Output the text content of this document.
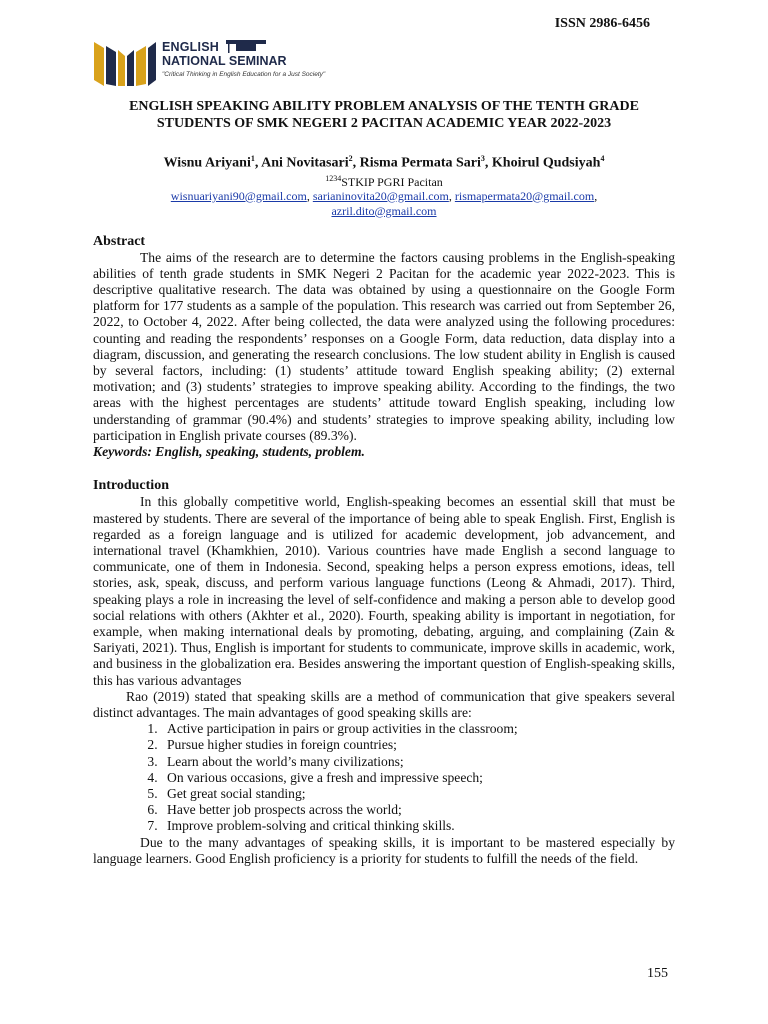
ISSN 2986-6456
ENGLISH
NATIONAL SEMINAR
"Critical Thinking in English Education for a Just Society"

ENGLISH SPEAKING ABILITY PROBLEM ANALYSIS OF THE TENTH GRADE
STUDENTS OF SMK NEGERI 2 PACITAN ACADEMIC YEAR 2022-2023

Wisnu Ariyani$^1$, Ani Novitasari$^2$, Risma Permata Sari$^3$, Khoirul Qudsiyah$^4$
$^{1234}$STKIP PGRI Pacitan
wisnuariyani90@gmail.com, sarianinovita20@gmail.com, rismapermata20@gmail.com,
azril.dito@gmail.com
Abstract

The aims of the research are to determine the factors causing problems in the English-speaking abilities of tenth grade students in SMK Negeri 2 Pacitan for the academic year 2022-2023. This is descriptive qualitative research. The data was obtained by using a questionnaire on the Google Form platform for 177 students as a sample of the population. This research was carried out from September 26, 2022, to October 4, 2022. After being collected, the data were analyzed using the following procedures: counting and reading the respondents’ responses on a Google Form, data reduction, data display into a diagram, discussion, and generating the research conclusions. The low student ability in English is caused by several factors, including: (1) students’ attitude toward English speaking ability; (2) external motivation; and (3) students’ strategies to improve speaking ability. According to the findings, the two areas with the highest percentages are students’ attitude toward English speaking, including low understanding of grammar (90.4%) and students’ strategies to improve speaking ability, including low participation in English private courses (89.3%).

Keywords: English, speaking, students, problem.

Introduction

In this globally competitive world, English-speaking becomes an essential skill that must be mastered by students. There are several of the importance of being able to speak English. First, English is regarded as a foreign language and is utilized for academic development, job advancement, and international travel (Khamkhien, 2010). Various countries have made English a second language to communicate, one of them in Indonesia. Second, speaking helps a person express emotions, ideas, tell stories, ask, speak, discuss, and perform various language functions (Leong & Ahmadi, 2017). Third, speaking plays a role in increasing the level of self-confidence and making a person able to develop good social relations with others (Akhter et al., 2020). Fourth, speaking ability is important in negotiation, for example, when making international deals by promoting, debating, arguing, and complaining (Zain & Sariyati, 2021). Thus, English is important for students to communicate, improve skills in academic, work, and business in the globalization era. Besides answering the important question of English-speaking skills, this has various advantages

Rao (2019) stated that speaking skills are a method of communication that give speakers several distinct advantages. The main advantages of good speaking skills are:

1. Active participation in pairs or group activities in the classroom;
2. Pursue higher studies in foreign countries;
3. Learn about the world’s many civilizations;
4. On various occasions, give a fresh and impressive speech;
5. Get great social standing;
6. Have better job prospects across the world;
7. Improve problem-solving and critical thinking skills.

Due to the many advantages of speaking skills, it is important to be mastered especially by language learners. Good English proficiency is a priority for students to fulfill the needs of the field.

155
